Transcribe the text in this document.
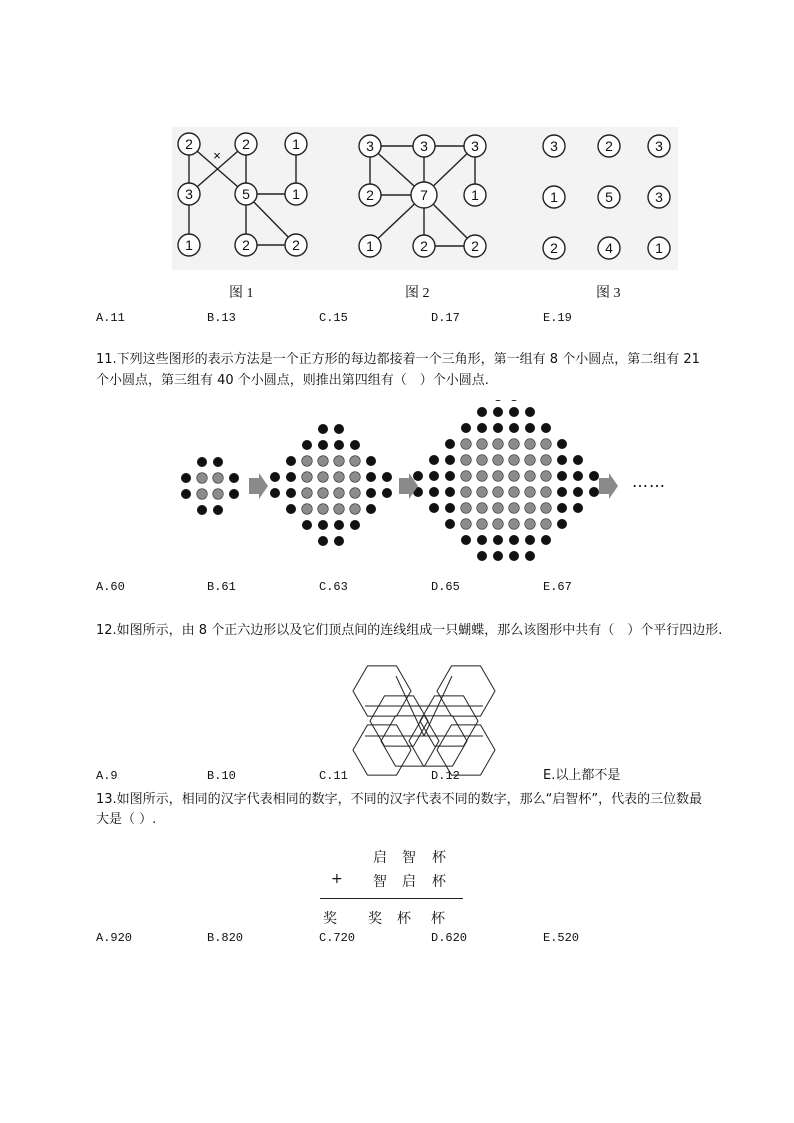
2	2	1
3	5	1
1	2	2
3	3	3
2	7	1
1	2	2
3	2	3
1	5	3
2	4	1
×
图 1	图 2	图 3
A.11	B.13	C.15	D.17	E.19
11.下列这些图形的表示方法是一个正方形的每边都接着一个三角形，第一组有 8 个小圆点，第二组有 21
个小圆点，第三组有 40 个小圆点，则推出第四组有（　）个小圆点.
……
A.60	B.61	C.63	D.65	E.67
12.如图所示，由 8 个正六边形以及它们顶点间的连线组成一只蝴蝶，那么该图形中共有（　）个平行四边形.
A.9	B.10	C.11	D.12	E.以上都不是
13.如图所示，相同的汉字代表相同的数字，不同的汉字代表不同的数字，那么“启智杯”，代表的三位数最
大是（ ）.
启 智 杯
+ 智 启 杯
奖 奖 杯 杯
A.920	B.820	C.720	D.620	E.520
